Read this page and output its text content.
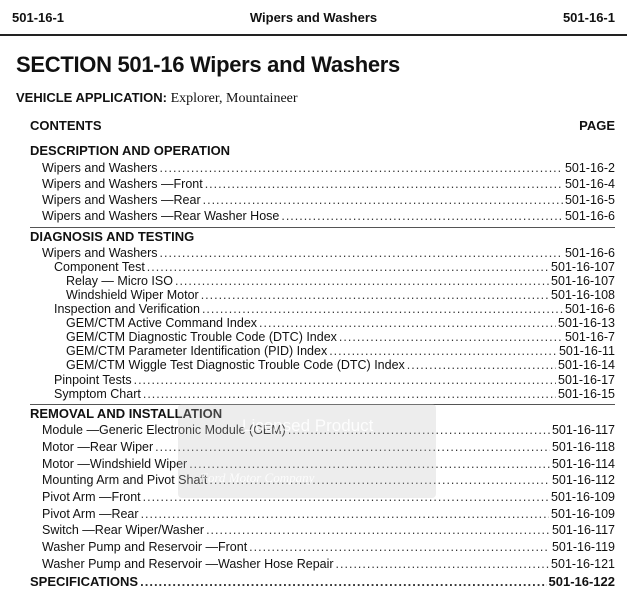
501-16-1	Wipers and Washers	501-16-1
SECTION 501-16 Wipers and Washers
VEHICLE APPLICATION: Explorer, Mountaineer
CONTENTS	PAGE
DESCRIPTION AND OPERATION
Wipers and Washers .....	501-16-2
Wipers and Washers —Front .....	501-16-4
Wipers and Washers —Rear .....	501-16-5
Wipers and Washers —Rear Washer Hose .....	501-16-6
DIAGNOSIS AND TESTING
Wipers and Washers .....	501-16-6
Component Test .....	501-16-107
Relay — Micro ISO .....	501-16-107
Windshield Wiper Motor .....	501-16-108
Inspection and Verification .....	501-16-6
GEM/CTM Active Command Index .....	501-16-13
GEM/CTM Diagnostic Trouble Code (DTC) Index .....	501-16-7
GEM/CTM Parameter Identification (PID) Index .....	501-16-11
GEM/CTM Wiggle Test Diagnostic Trouble Code (DTC) Index .....	501-16-14
Pinpoint Tests .....	501-16-17
Symptom Chart .....	501-16-15
REMOVAL AND INSTALLATION
Module —Generic Electronic Module (GEM) .....	501-16-117
Motor —Rear Wiper .....	501-16-118
Motor —Windshield Wiper .....	501-16-114
Mounting Arm and Pivot Shaft .....	501-16-112
Pivot Arm —Front .....	501-16-109
Pivot Arm —Rear .....	501-16-109
Switch —Rear Wiper/Washer .....	501-16-117
Washer Pump and Reservoir —Front .....	501-16-119
Washer Pump and Reservoir —Washer Hose Repair .....	501-16-121
SPECIFICATIONS .....	501-16-122
Licensed Product
Ford Motor Company
